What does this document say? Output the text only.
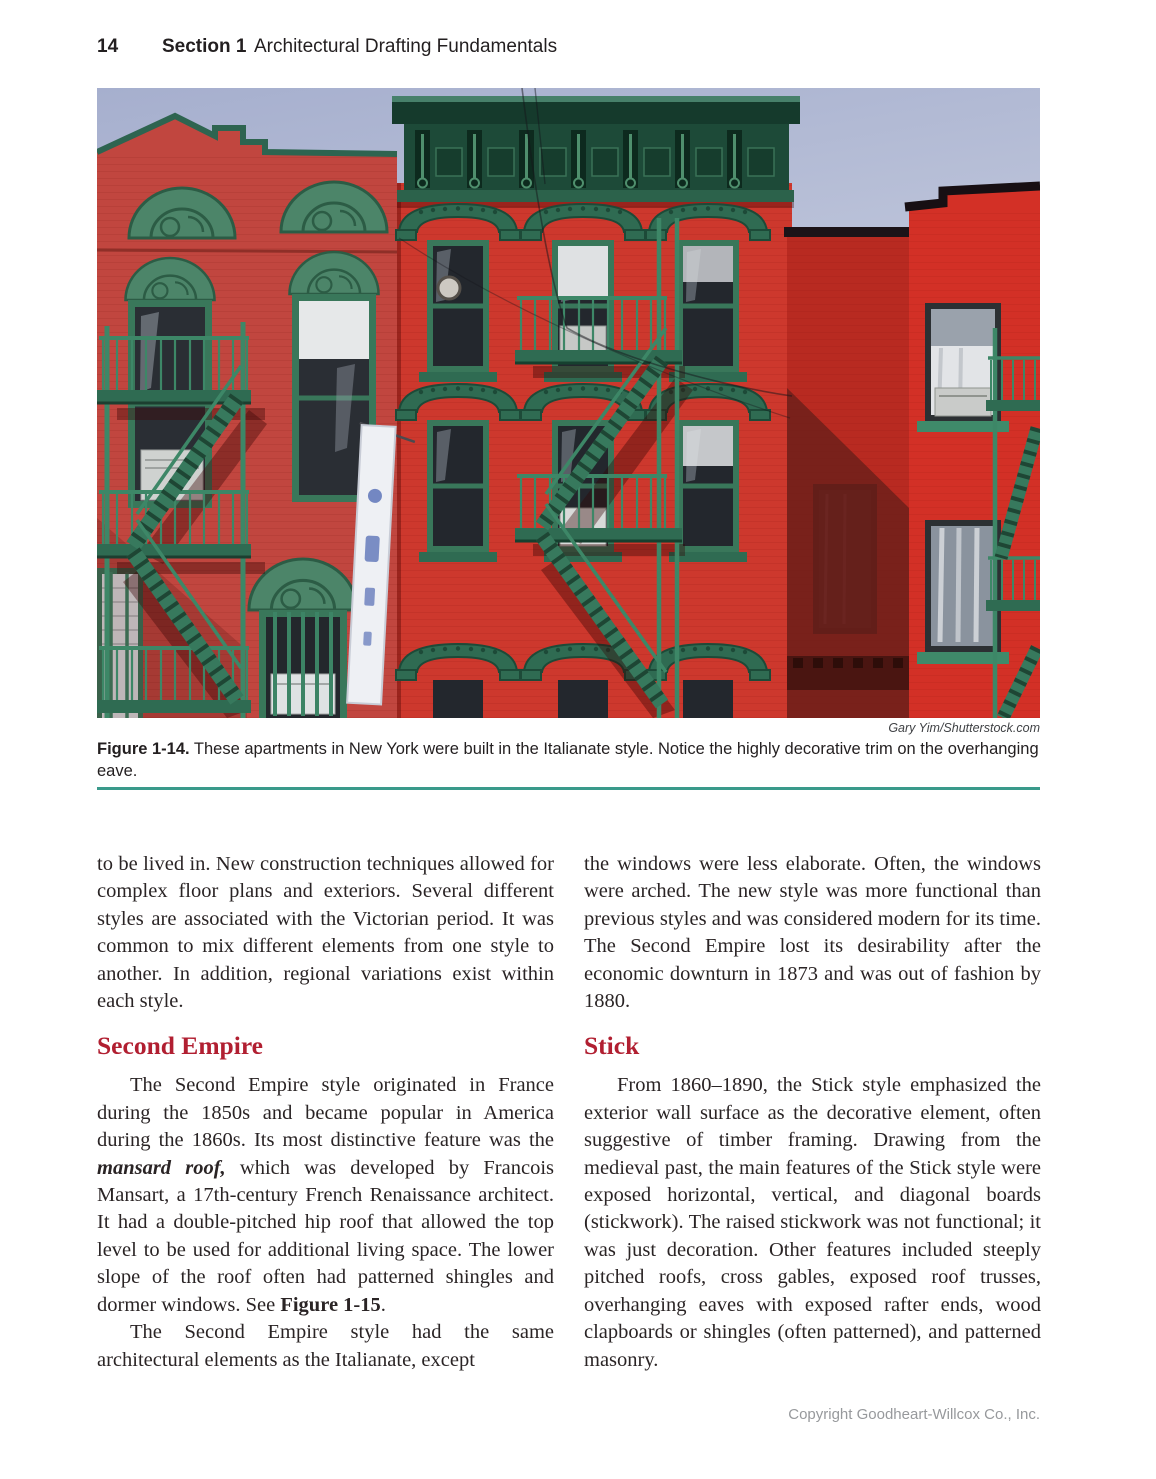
14 Section 1 Architectural Drafting Fundamentals
Gary Yim/Shutterstock.com
Figure 1-14. These apartments in New York were built in the Italianate style. Notice the highly decorative trim on the overhanging eave.

to be lived in. New construction techniques allowed for complex floor plans and exteriors. Several different styles are associated with the Victorian period. It was common to mix different elements from one style to another. In addition, regional variations exist within each style.

Second Empire

The Second Empire style originated in France during the 1850s and became popular in America during the 1860s. Its most distinctive feature was the mansard roof, which was developed by Francois Mansart, a 17th-century French Renaissance architect. It had a double-pitched hip roof that allowed the top level to be used for additional living space. The lower slope of the roof often had patterned shingles and dormer windows. See Figure 1-15.

The Second Empire style had the same architectural elements as the Italianate, except

the windows were less elaborate. Often, the windows were arched. The new style was more functional than previous styles and was considered modern for its time. The Second Empire lost its desirability after the economic downturn in 1873 and was out of fashion by 1880.

Stick

From 1860–1890, the Stick style emphasized the exterior wall surface as the decorative element, often suggestive of timber framing. Drawing from the medieval past, the main features of the Stick style were exposed horizontal, vertical, and diagonal boards (stickwork). The raised stickwork was not functional; it was just decoration. Other features included steeply pitched roofs, cross gables, exposed roof trusses, overhanging eaves with exposed rafter ends, wood clapboards or shingles (often patterned), and patterned masonry.

Copyright Goodheart-Willcox Co., Inc.
